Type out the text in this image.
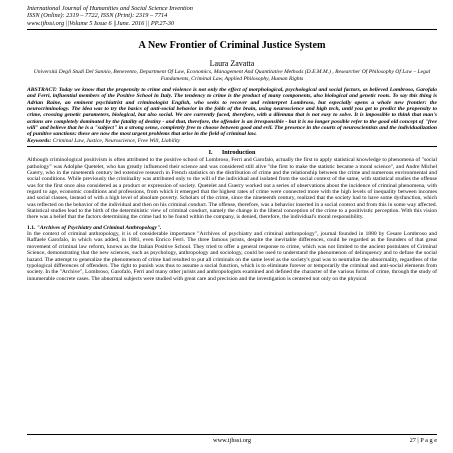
International Journal of Humanities and Social Science Invention
ISSN (Online): 2319 – 7722, ISSN (Print): 2319 – 7714
www.ijhssi.org ||Volume 5 Issue 6 ||June. 2016 || PP.27-30
A New Frontier of Criminal Justice System
Laura Zavatta
Università Degli Studi Del Sannio, Benevento, Department Of Law, Economics, Management And Quantitative Methods (D.E.M.M.) , Researcher Of Philosophy Of Law – Legal Fundaments, Criminal Law, Applied Philosophy, Human Rights
ABSTRACT: Today we know that the propensity to crime and violence is not only the effect of morphological, psychological and social factors, as believed Lombroso, Garofalo and Ferri, influential members of the Positive School in Italy. The tendency to crime is the product of many components, also biological and genetic roots. To say this thing is Adrian Raine, an eminent psychiatrist and criminologist English, who seeks to recover and reinterpret Lombroso, but especially opens a whole new frontier: the neurocriminology. The idea was to try the basics of anti-social behavior in the folds of the brain, using neuroscience and high tech, until you get to predict the propensity to crime, crossing genetic parameters, biological, but also social. We are currently faced, therefore, with a dilemma that is not easy to solve. It is impossible to think that man's actions are completely dominated by the fatality of destiny - and that, therefore, the offender is an irresponsible - but it is no longer possible refer to the good old concept of "free will" and believe that he is a "subject" in a strong sense, completely free to choose between good and evil. The presence in the courts of neuroscientists and the individualization of punitive sanctions: these are now the most urgent problems that arise in the field of criminal law.
Keywords: Criminal Law, Justice, Neuroscience, Free Will, Liability
I. Introduction

Although criminological positivism is often attributed to the positive school of Lombroso, Ferri and Garofalo, actually the first to apply statistical knowledge to phenomena of "social pathology" was Adolphe Quetelet, who has greatly influenced their science and was considered still alive "the first to make the statistic became a moral science", and Andre Michel Guerry, who in the nineteenth century led extensive research in French statistics on the distribution of crime and the relationship between the crime and numerous environmental and social conditions. While previously the criminality was attributed only to the will of the individual and isolated from the social context of the same, with statistical studies the offense was for the first once also considered as a product or expression of society. Quetelet and Guerry worked out a series of observations about the incidence of criminal phenomena, with regard to age, economic conditions and professions, from which it emerged that the highest rates of crime were connected more with the high levels of inequality between incomes and social classes, instead of with a high level of absolute poverty. Scholars of the crime, since the nineteenth century, realized that the society had to have some dysfunction, which was reflected on the behavior of the individual and then on his criminal conduct. The offense, therefore, was a behavior inserted in a social context and from this in some way affected. Statistical studies lead to the birth of the deterministic view of criminal conduct, namely the change in the liberal conception of the crime to a positivistic perception. With this vision there was a belief that the factors determining the crime had to be found within the company, is denied, therefore, the individual's moral responsibility.

1.1. "Archives of Psychiatry and Criminal Anthropology".

In the context of criminal anthropology, it is of considerable importance "Archives of psychiatry and criminal anthropology", journal founded in 1880 by Cesare Lombroso and Raffaele Garofalo, in which was added, in 1881, even Enrico Ferri. The three famous jurists, despite the inevitable differences, could be regarded as the founders of that great movement of criminal law reform, known as the Italian Positive School. They tried to offer a general response to crime, which was not limited to the ancient postulates of Criminal Science, demonstrating that the new sciences, such as psychology, anthropology and sociology, could be used to understand the phenomenon of delinquency and to defuse the social hazard. The attempt to generalize the phenomenon of crime had resulted to put all criminals on the same level as the society's goal was to neutralize the abnormality, regardless of the typological differences of offenders. The right to punish was thus to assume a social function, which is to eliminate forever or temporarily the criminal and anti-social elements from society. In the "Archive", Lombroso, Garofalo, Ferri and many other jurists and anthropologists examined and defined the character of the various forms of crime, through the study of innumerable concrete cases. The abnormal subjects were studied with great care and precision and the investigation is centered not only on the physical

www.ijhssi.org	27 | P a g e
